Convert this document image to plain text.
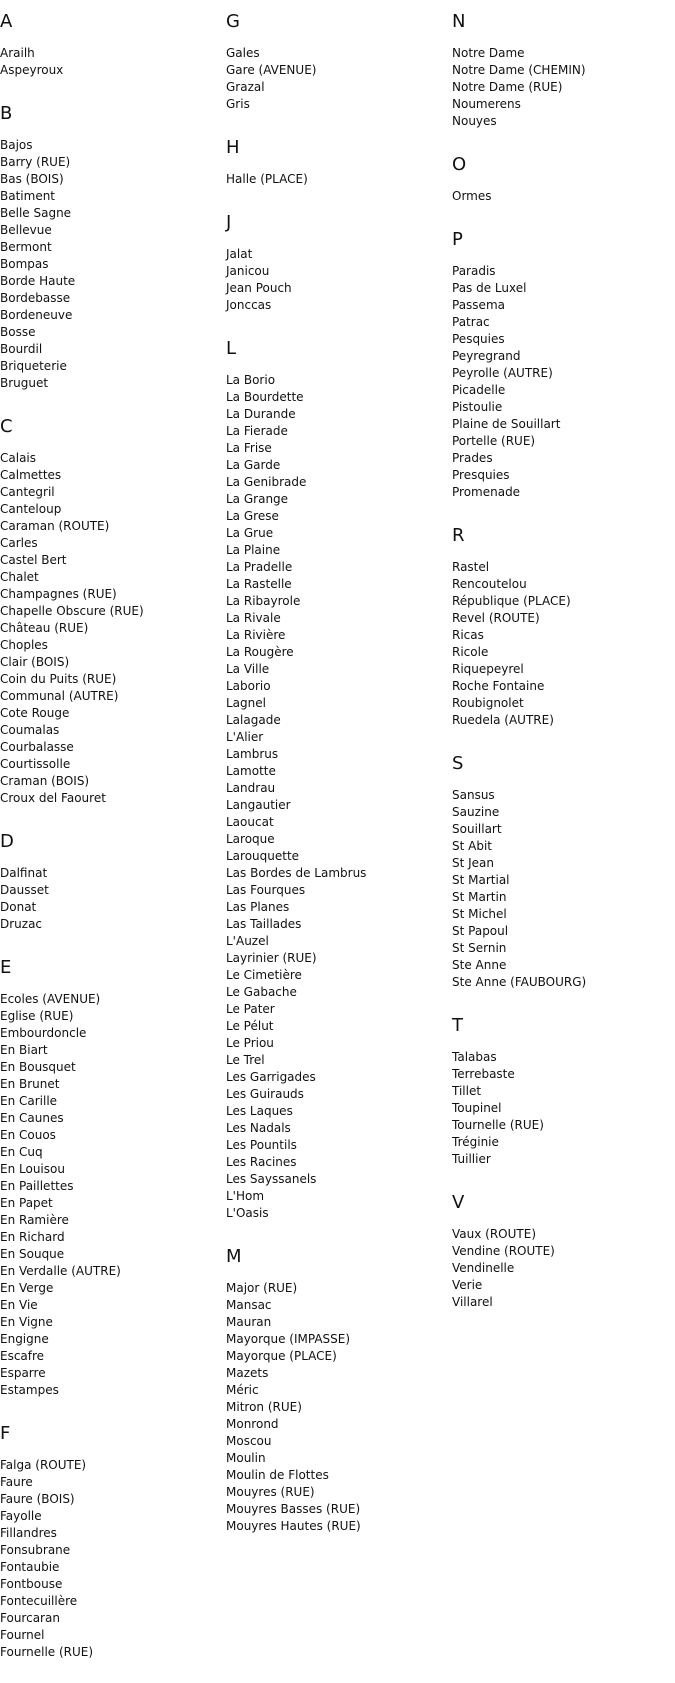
A
Arailh
Aspeyroux
B
Bajos
Barry (RUE)
Bas (BOIS)
Batiment
Belle Sagne
Bellevue
Bermont
Bompas
Borde Haute
Bordebasse
Bordeneuve
Bosse
Bourdil
Briqueterie
Bruguet
C
Calais
Calmettes
Cantegril
Canteloup
Caraman (ROUTE)
Carles
Castel Bert
Chalet
Champagnes (RUE)
Chapelle Obscure (RUE)
Château (RUE)
Choples
Clair (BOIS)
Coin du Puits (RUE)
Communal (AUTRE)
Cote Rouge
Coumalas
Courbalasse
Courtissolle
Craman (BOIS)
Croux del Faouret
D
Dalfinat
Dausset
Donat
Druzac
E
Ecoles (AVENUE)
Eglise (RUE)
Embourdoncle
En Biart
En Bousquet
En Brunet
En Carille
En Caunes
En Couos
En Cuq
En Louisou
En Paillettes
En Papet
En Ramière
En Richard
En Souque
En Verdalle (AUTRE)
En Verge
En Vie
En Vigne
Engigne
Escafre
Esparre
Estampes
F
Falga (ROUTE)
Faure
Faure (BOIS)
Fayolle
Fillandres
Fonsubrane
Fontaubie
Fontbouse
Fontecuillère
Fourcaran
Fournel
Fournelle (RUE)
G
Gales
Gare (AVENUE)
Grazal
Gris
H
Halle (PLACE)
J
Jalat
Janicou
Jean Pouch
Jonccas
L
La Borio
La Bourdette
La Durande
La Fierade
La Frise
La Garde
La Genibrade
La Grange
La Grese
La Grue
La Plaine
La Pradelle
La Rastelle
La Ribayrole
La Rivale
La Rivière
La Rougère
La Ville
Laborio
Lagnel
Lalagade
L'Alier
Lambrus
Lamotte
Landrau
Langautier
Laoucat
Laroque
Larouquette
Las Bordes de Lambrus
Las Fourques
Las Planes
Las Taillades
L'Auzel
Layrinier (RUE)
Le Cimetière
Le Gabache
Le Pater
Le Pélut
Le Priou
Le Trel
Les Garrigades
Les Guirauds
Les Laques
Les Nadals
Les Pountils
Les Racines
Les Sayssanels
L'Hom
L'Oasis
M
Major (RUE)
Mansac
Mauran
Mayorque (IMPASSE)
Mayorque (PLACE)
Mazets
Méric
Mitron (RUE)
Monrond
Moscou
Moulin
Moulin de Flottes
Mouyres (RUE)
Mouyres Basses (RUE)
Mouyres Hautes (RUE)
N
Notre Dame
Notre Dame (CHEMIN)
Notre Dame (RUE)
Noumerens
Nouyes
O
Ormes
P
Paradis
Pas de Luxel
Passema
Patrac
Pesquies
Peyregrand
Peyrolle (AUTRE)
Picadelle
Pistoulie
Plaine de Souillart
Portelle (RUE)
Prades
Presquies
Promenade
R
Rastel
Rencoutelou
République (PLACE)
Revel (ROUTE)
Ricas
Ricole
Riquepeyrel
Roche Fontaine
Roubignolet
Ruedela (AUTRE)
S
Sansus
Sauzine
Souillart
St Abit
St Jean
St Martial
St Martin
St Michel
St Papoul
St Sernin
Ste Anne
Ste Anne (FAUBOURG)
T
Talabas
Terrebaste
Tillet
Toupinel
Tournelle (RUE)
Tréginie
Tuillier
V
Vaux (ROUTE)
Vendine (ROUTE)
Vendinelle
Verie
Villarel
